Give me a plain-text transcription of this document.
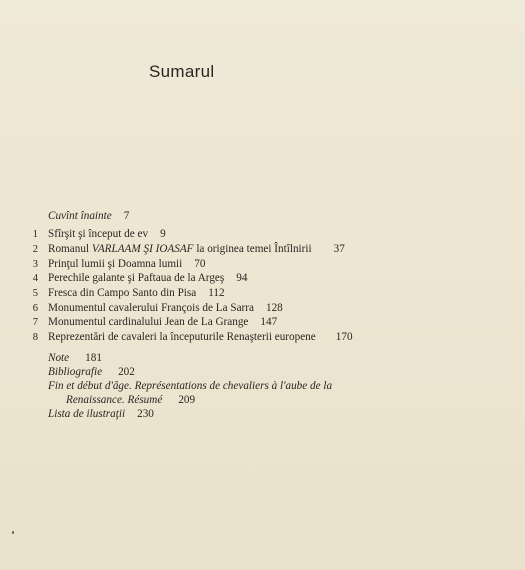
Sumarul
Cuvînt înainte 7
1 Sfîrşit şi început de ev 9
2 Romanul VARLAAM ŞI IOASAF la originea temei Întîlnirii 37
3 Prinţul lumii şi Doamna lumii 70
4 Perechile galante şi Paftaua de la Argeş 94
5 Fresca din Campo Santo din Pisa 112
6 Monumentul cavalerului François de La Sarra 128
7 Monumentul cardinalului Jean de La Grange 147
8 Reprezentări de cavaleri la începuturile Renaşterii europene 170
Note 181
Bibliografie 202
Fin et début d'âge. Représentations de chevaliers à l'aube de la
Renaissance. Résumé 209
Lista de ilustraţii 230
